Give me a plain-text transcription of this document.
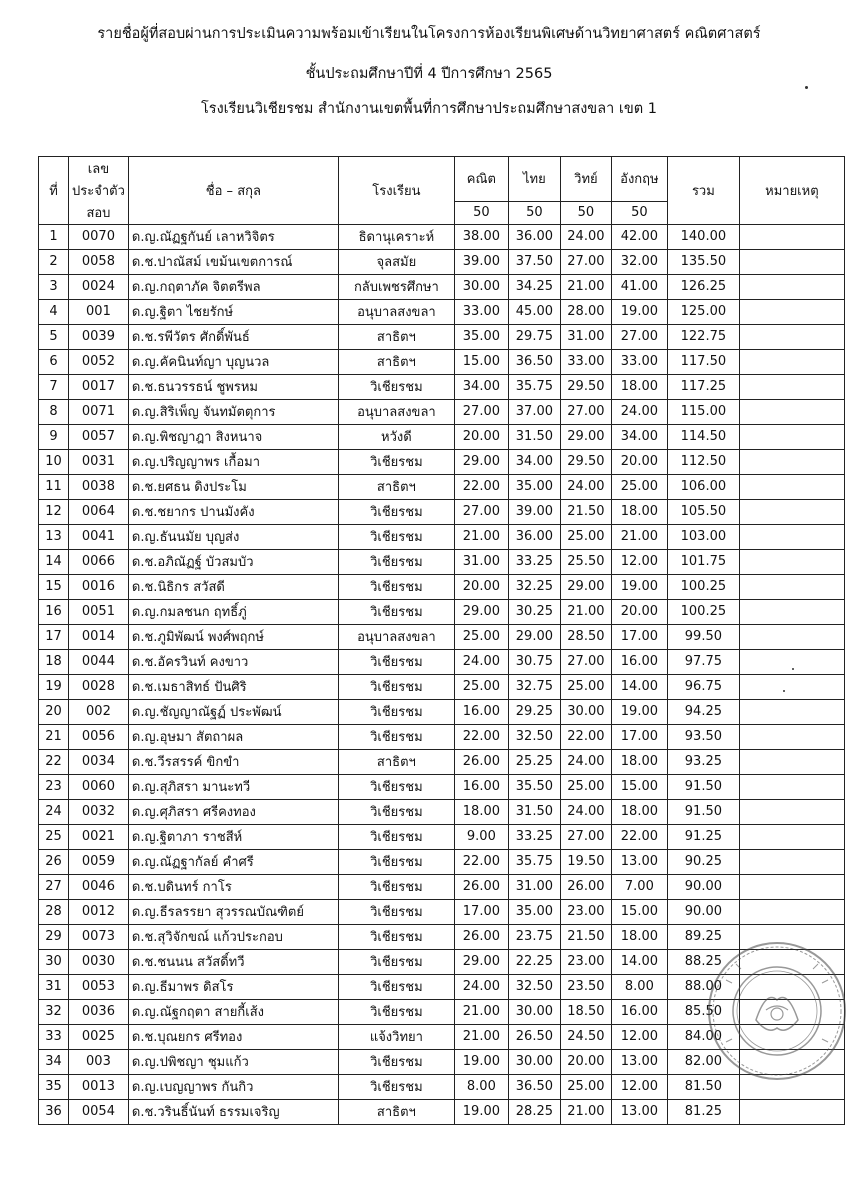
รายชื่อผู้ที่สอบผ่านการประเมินความพร้อมเข้าเรียนในโครงการห้องเรียนพิเศษด้านวิทยาศาสตร์ คณิตศาสตร์
ชั้นประถมศึกษาปีที่ 4 ปีการศึกษา 2565
โรงเรียนวิเชียรชม สำนักงานเขตพื้นที่การศึกษาประถมศึกษาสงขลา เขต 1
ที่	เลข	ชื่อ – สกุล	โรงเรียน	คณิต	ไทย	วิทย์	อังกฤษ	รวม	หมายเหตุ
	ประจำตัว								
	สอบ			50	50	50	50		
1	0070	ด.ญ.ณัฏฐกันย์ เลาหวิจิตร	ธิดานุเคราะห์	38.00	36.00	24.00	42.00	140.00	
2	0058	ด.ช.ปาณัสม์ เขม้นเขตการณ์	จุลสมัย	39.00	37.50	27.00	32.00	135.50	
3	0024	ด.ญ.กฤตาภัค จิตตรีพล	กลับเพชรศึกษา	30.00	34.25	21.00	41.00	126.25	
4	001	ด.ญ.ฐิตา ไชยรักษ์	อนุบาลสงขลา	33.00	45.00	28.00	19.00	125.00	
5	0039	ด.ช.รพีวัตร ศักดิ์พันธ์	สาธิตฯ	35.00	29.75	31.00	27.00	122.75	
6	0052	ด.ญ.คัคนินท์ญา บุญนวล	สาธิตฯ	15.00	36.50	33.00	33.00	117.50	
7	0017	ด.ช.ธนวรรธน์ ชูพรหม	วิเชียรชม	34.00	35.75	29.50	18.00	117.25	
8	0071	ด.ญ.สิริเพ็ญ จันทมัตตุการ	อนุบาลสงขลา	27.00	37.00	27.00	24.00	115.00	
9	0057	ด.ญ.พิชญาฎา สิงหนาจ	หวังดี	20.00	31.50	29.00	34.00	114.50	
10	0031	ด.ญ.ปริญญาพร เกื้อมา	วิเชียรชม	29.00	34.00	29.50	20.00	112.50	
11	0038	ด.ช.ยศธน ดิงประโม	สาธิตฯ	22.00	35.00	24.00	25.00	106.00	
12	0064	ด.ช.ชยากร ปานมังคัง	วิเชียรชม	27.00	39.00	21.50	18.00	105.50	
13	0041	ด.ญ.ธันนมัย บุญส่ง	วิเชียรชม	21.00	36.00	25.00	21.00	103.00	
14	0066	ด.ช.อภิณัฏฐ์ บัวสมบัว	วิเชียรชม	31.00	33.25	25.50	12.00	101.75	
15	0016	ด.ช.นิธิกร สวัสดี	วิเชียรชม	20.00	32.25	29.00	19.00	100.25	
16	0051	ด.ญ.กมลชนก ฤทธิ์ภู่	วิเชียรชม	29.00	30.25	21.00	20.00	100.25	
17	0014	ด.ช.ภูมิพัฒน์ พงศ์พฤกษ์	อนุบาลสงขลา	25.00	29.00	28.50	17.00	99.50	
18	0044	ด.ช.อัครวินท์ คงขาว	วิเชียรชม	24.00	30.75	27.00	16.00	97.75	
19	0028	ด.ช.เมธาสิทธ์ ปันศิริ	วิเชียรชม	25.00	32.75	25.00	14.00	96.75	
20	002	ด.ญ.ชัญญาณัฐฏ์ ประพัฒน์	วิเชียรชม	16.00	29.25	30.00	19.00	94.25	
21	0056	ด.ญ.อุษมา สัตถาผล	วิเชียรชม	22.00	32.50	22.00	17.00	93.50	
22	0034	ด.ช.วีรสรรค์ ขิกขำ	สาธิตฯ	26.00	25.25	24.00	18.00	93.25	
23	0060	ด.ญ.สุภิสรา มานะทวี	วิเชียรชม	16.00	35.50	25.00	15.00	91.50	
24	0032	ด.ญ.ศุภิสรา ศรีคงทอง	วิเชียรชม	18.00	31.50	24.00	18.00	91.50	
25	0021	ด.ญ.ฐิตาภา ราชสีห์	วิเชียรชม	9.00	33.25	27.00	22.00	91.25	
26	0059	ด.ญ.ณัฏฐากัลย์ คำศรี	วิเชียรชม	22.00	35.75	19.50	13.00	90.25	
27	0046	ด.ช.บดินทร์ กาโร	วิเชียรชม	26.00	31.00	26.00	7.00	90.00	
28	0012	ด.ญ.ธีรลรรยา สุวรรณบัณฑิตย์	วิเชียรชม	17.00	35.00	23.00	15.00	90.00	
29	0073	ด.ช.สุวิจักขณ์ แก้วประกอบ	วิเชียรชม	26.00	23.75	21.50	18.00	89.25	
30	0030	ด.ช.ชนนน สวัสดิ์ทวี	วิเชียรชม	29.00	22.25	23.00	14.00	88.25	
31	0053	ด.ญ.ธีมาพร ดิสโร	วิเชียรชม	24.00	32.50	23.50	8.00	88.00	
32	0036	ด.ญ.ณัฐกฤตา สายกี้เส้ง	วิเชียรชม	21.00	30.00	18.50	16.00	85.50	
33	0025	ด.ช.บุณยกร ศรีทอง	แจ้งวิทยา	21.00	26.50	24.50	12.00	84.00	
34	003	ด.ญ.ปพิชญา ชุมแก้ว	วิเชียรชม	19.00	30.00	20.00	13.00	82.00	
35	0013	ด.ญ.เบญญาพร กันกิว	วิเชียรชม	8.00	36.50	25.00	12.00	81.50	
36	0054	ด.ช.วรินธิ์นันท์ ธรรมเจริญ	สาธิตฯ	19.00	28.25	21.00	13.00	81.25	
